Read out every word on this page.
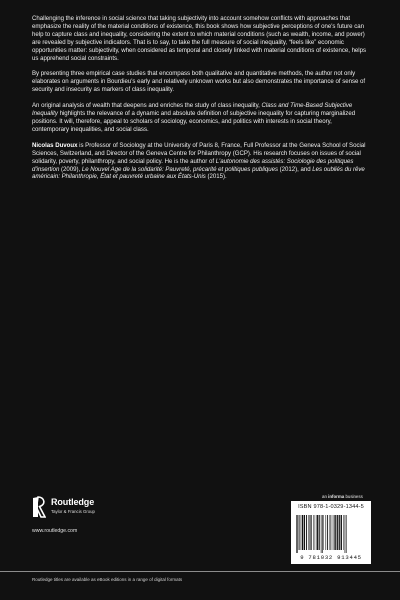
Challenging the inference in social science that taking subjectivity into account somehow conflicts with approaches that emphasize the reality of the material conditions of existence, this book shows how subjective perceptions of one's future can help to capture class and inequality, considering the extent to which material conditions (such as wealth, income, and power) are revealed by subjective indicators. That is to say, to take the full measure of social inequality, “feels like” economic opportunities matter: subjectivity, when considered as temporal and closely linked with material conditions of existence, helps us apprehend social constraints.

By presenting three empirical case studies that encompass both qualitative and quantitative methods, the author not only elaborates on arguments in Bourdieu's early and relatively unknown works but also demonstrates the importance of sense of security and insecurity as markers of class inequality.

An original analysis of wealth that deepens and enriches the study of class inequality, Class and Time-Based Subjective Inequality highlights the relevance of a dynamic and absolute definition of subjective inequality for capturing marginalized positions. It will, therefore, appeal to scholars of sociology, economics, and politics with interests in social theory, contemporary inequalities, and social class.

Nicolas Duvoux is Professor of Sociology at the University of Paris 8, France, Full Professor at the Geneva School of Social Sciences, Switzerland, and Director of the Geneva Centre for Philanthropy (GCP). His research focuses on issues of social solidarity, poverty, philanthropy, and social policy. He is the author of L'autonomie des assistés: Sociologie des politiques d'insertion (2009), Le Nouvel Age de la solidarité: Pauvreté, précarité et politiques publiques (2012), and Les oubliés du rêve américain: Philanthropie, État et pauvreté urbaine aux États-Unis (2015).

an informa business
Routledge
Taylor & Francis Group
www.routledge.com
ISBN 978-1-0329-1344-5
9 781032 913445
Routledge titles are available as eBook editions in a range of digital formats
